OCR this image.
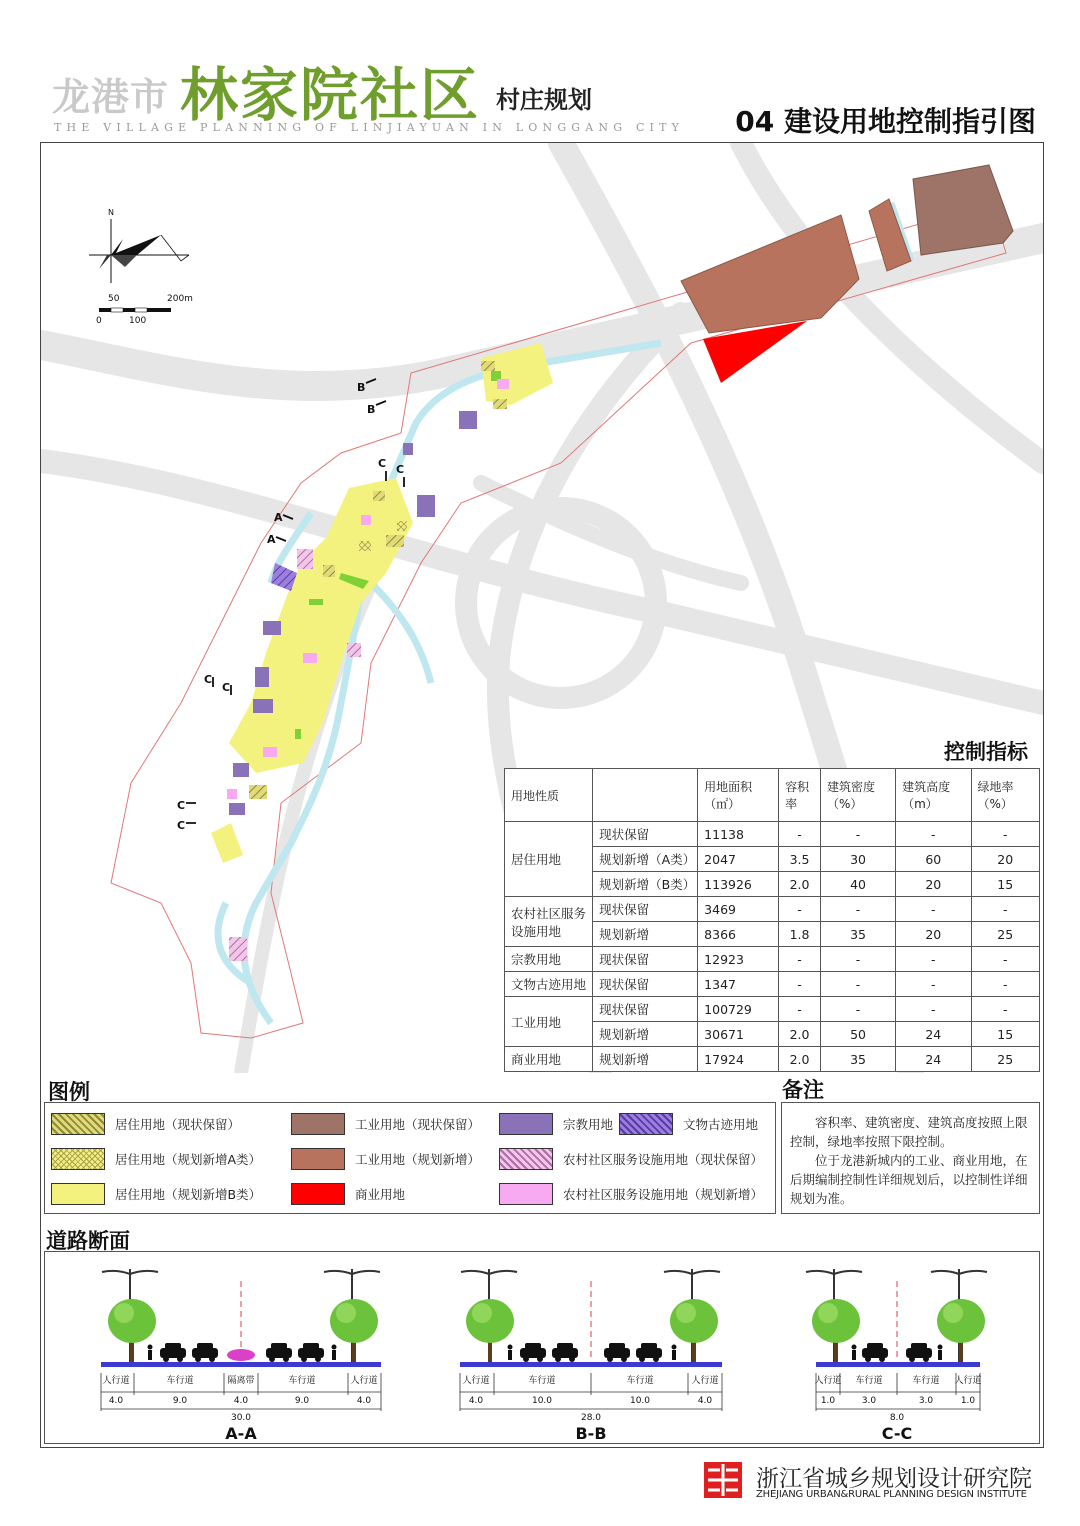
龙港市 林家院社区 村庄规划
THE VILLAGE PLANNING OF LINJIAYUAN IN LONGGANG CITY 04 建设用地控制指引图
B
B
C C
A
A
C
C
C
C
N
50	200m
0	100
控制指标
用地性质		用地面积（㎡）	容积率	建筑密度（%）	建筑高度（m）	绿地率（%）
居住用地	现状保留	11138	-	-	-	-
	规划新增（A类）	2047	3.5	30	60	20
	规划新增（B类）	113926	2.0	40	20	15
农村社区服务设施用地	现状保留	3469	-	-	-	-
	规划新增	8366	1.8	35	20	25
宗教用地	现状保留	12923	-	-	-	-
文物古迹用地	现状保留	1347	-	-	-	-
工业用地	现状保留	100729	-	-	-	-
	规划新增	30671	2.0	50	24	15
商业用地	规划新增	17924	2.0	35	24	25
图例
居住用地（现状保留）
居住用地（规划新增A类）
居住用地（规划新增B类）
工业用地（现状保留）
工业用地（规划新增）
商业用地
宗教用地	文物古迹用地
农村社区服务设施用地（现状保留）
农村社区服务设施用地（规划新增）
备注

容积率、建筑密度、建筑高度按照上限控制，绿地率按照下限控制。

位于龙港新城内的工业、商业用地，在后期编制控制性详细规划后，以控制性详细规划为准。

道路断面
人行道	车行道	隔离带	车行道	人行道
4.0	9.0	4.0	9.0	4.0
30.0
A-A
人行道	车行道	车行道	人行道
4.0	10.0	10.0	4.0
28.0
B-B
人行道 车行道	车行道 人行道
1.0	3.0	3.0	1.0
8.0
C-C
浙江省城乡规划设计研究院
ZHEJIANG URBAN&RURAL PLANNING DESIGN INSTITUTE
